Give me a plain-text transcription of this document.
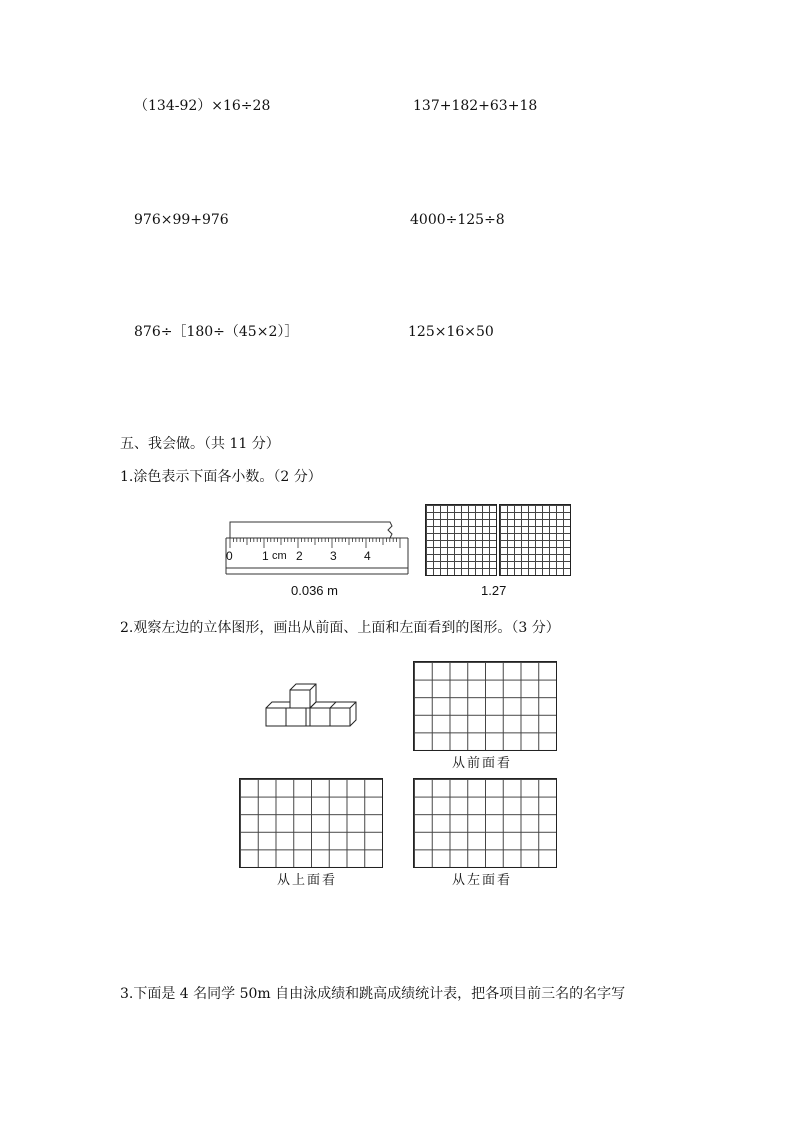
（134-92）×16÷28	137+182+63+18
976×99+976	4000÷125÷8
876÷［180÷（45×2）］	125×16×50
五、我会做。（共 11 分）
1.涂色表示下面各小数。（2 分）
0 1 cm 2 3 4
0.036 m	1.27
2.观察左边的立体图形，画出从前面、上面和左面看到的图形。（3 分）
从前面看
从上面看	从左面看
3.下面是 4 名同学 50m 自由泳成绩和跳高成绩统计表，把各项目前三名的名字写
